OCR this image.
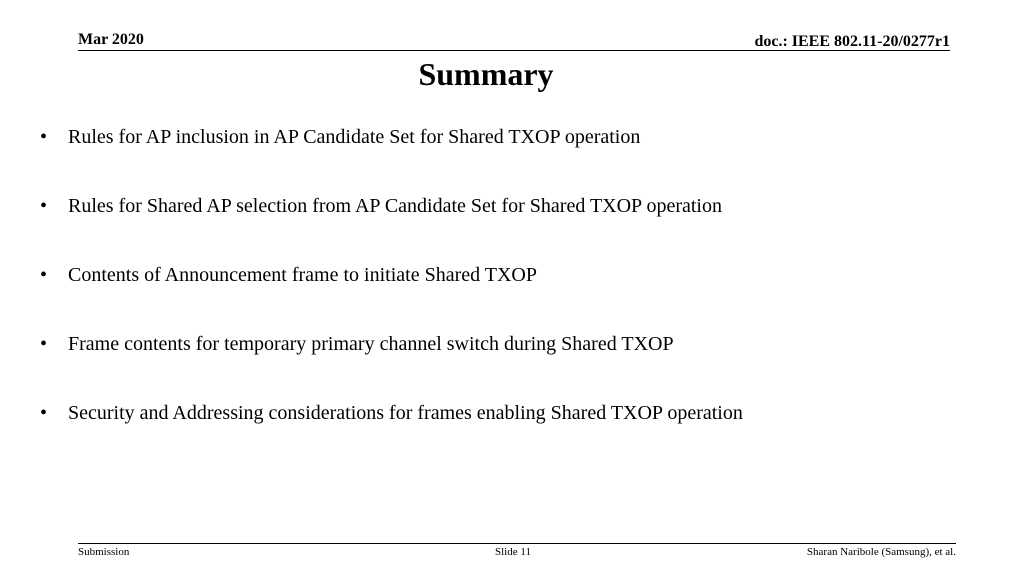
Mar 2020	doc.: IEEE 802.11-20/0277r1
Summary
• Rules for AP inclusion in AP Candidate Set for Shared TXOP operation
• Rules for Shared AP selection from AP Candidate Set for Shared TXOP operation
• Contents of Announcement frame to initiate Shared TXOP
• Frame contents for temporary primary channel switch during Shared TXOP
• Security and Addressing considerations for frames enabling Shared TXOP operation
Submission	Slide 11	Sharan Naribole (Samsung), et al.
